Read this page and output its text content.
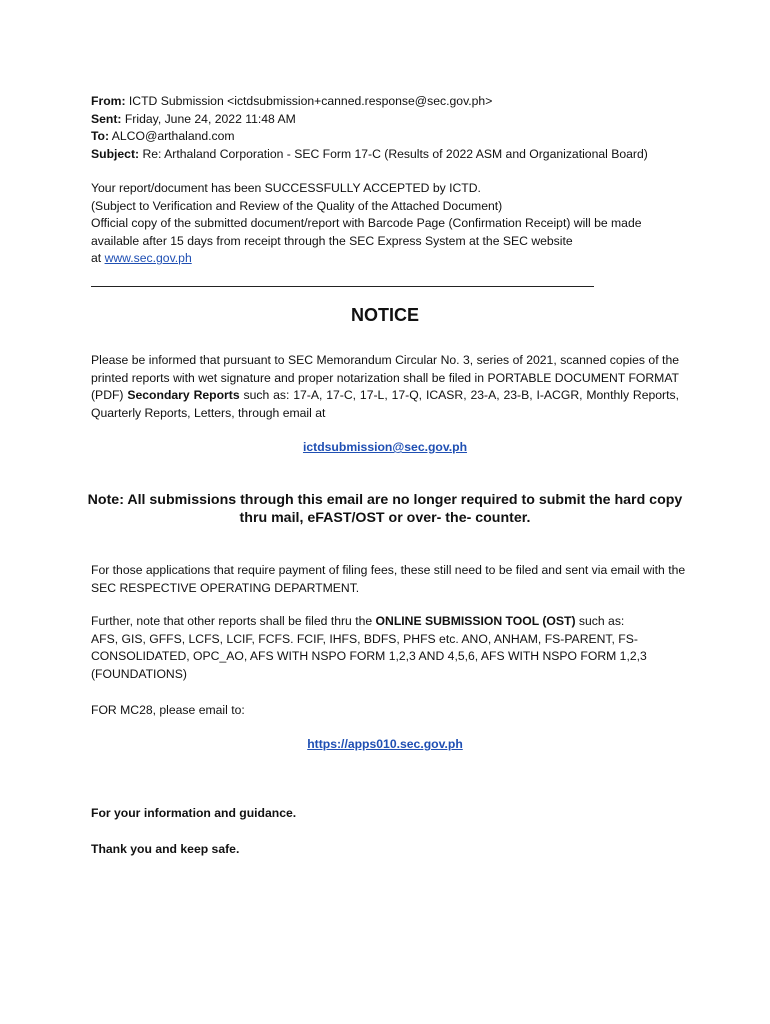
From: ICTD Submission <ictdsubmission+canned.response@sec.gov.ph>

Sent: Friday, June 24, 2022 11:48 AM

To: ALCO@arthaland.com

Subject: Re: Arthaland Corporation - SEC Form 17-C (Results of 2022 ASM and Organizational Board)

Your report/document has been SUCCESSFULLY ACCEPTED by ICTD.

(Subject to Verification and Review of the Quality of the Attached Document)

Official copy of the submitted document/report with Barcode Page (Confirmation Receipt) will be made available after 15 days from receipt through the SEC Express System at the SEC website

at www.sec.gov.ph

NOTICE

Please be informed that pursuant to SEC Memorandum Circular No. 3, series of 2021, scanned copies of the printed reports with wet signature and proper notarization shall be filed in PORTABLE DOCUMENT FORMAT (PDF) Secondary Reports such as: 17-A, 17-C, 17-L, 17-Q, ICASR, 23-A, 23-B, I-ACGR, Monthly Reports, Quarterly Reports, Letters, through email at

ictdsubmission@sec.gov.ph

Note: All submissions through this email are no longer required to submit the hard copy

thru mail, eFAST/OST or over- the- counter.

For those applications that require payment of filing fees, these still need to be filed and sent via email with the SEC RESPECTIVE OPERATING DEPARTMENT.

Further, note that other reports shall be filed thru the ONLINE SUBMISSION TOOL (OST) such as:

AFS, GIS, GFFS, LCFS, LCIF, FCFS. FCIF, IHFS, BDFS, PHFS etc. ANO, ANHAM, FS-PARENT, FS-CONSOLIDATED, OPC_AO, AFS WITH NSPO FORM 1,2,3 AND 4,5,6, AFS WITH NSPO FORM 1,2,3 (FOUNDATIONS)

FOR MC28, please email to:
https://apps010.sec.gov.ph
For your information and guidance.
Thank you and keep safe.
